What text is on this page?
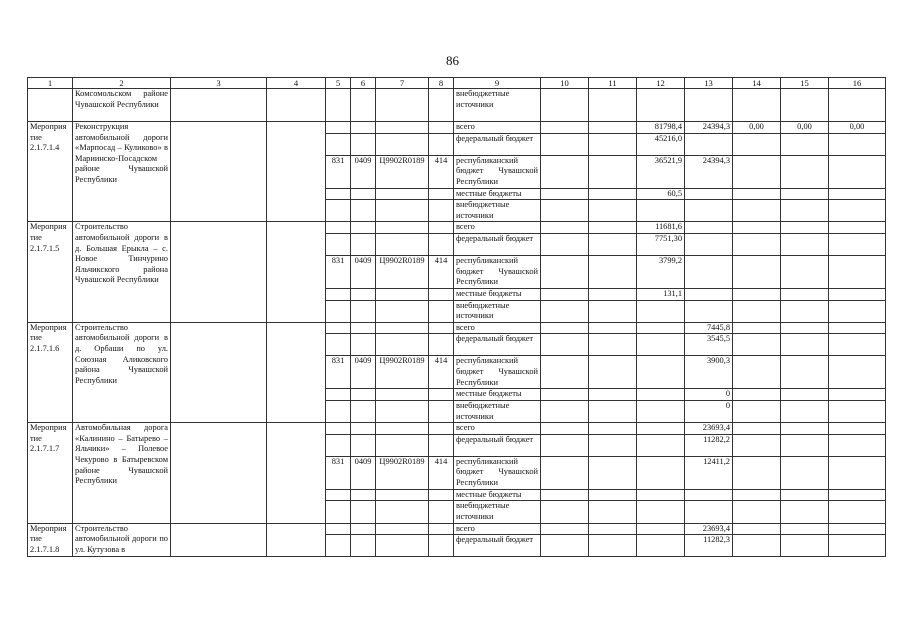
86
1	2	3	4	5	6	7	8	9	10	11	12	13	14	15	16
	Комсомольском районе Чувашской Республики							внебюджетные источники							
Мероприятие 2.1.7.1.4	Реконструкция автомобильной дороги «Марпосад – Куликово» в Мариинско-Посадском районе Чувашской Республики							всего			81798,4	24394,3	0,00	0,00	0,00
								федеральный бюджет			45216,0				
				831	0409	Ц9902R0189	414	республиканский бюджет Чувашской Республики			36521,9	24394,3			
								местные бюджеты			60,5				
								внебюджетные источники							
Мероприятие 2.1.7.1.5	Строительство автомобильной дороги в д. Большая Ерыкла – с. Новое Тинчурино Яльчикского района Чувашской Республики							всего			11681,6				
								федеральный бюджет			7751,30				
				831	0409	Ц9902R0189	414	республиканский бюджет Чувашской Республики			3799,2				
								местные бюджеты			131,1				
								внебюджетные источники							
Мероприятие 2.1.7.1.6	Строительство автомобильной дороги в д. Орбаши по ул. Союзная Аликовского района Чувашской Республики							всего				7445,8			
								федеральный бюджет				3545,5			
				831	0409	Ц9902R0189	414	республиканский бюджет Чувашской Республики				3900,3			
								местные бюджеты				0			
								внебюджетные источники				0			
Мероприятие 2.1.7.1.7	Автомобильная дорога «Калинино – Батырево – Яльчики» – Полевое Чекурово в Батыревском районе Чувашской Республики							всего				23693,4			
								федеральный бюджет				11282,2			
				831	0409	Ц9902R0189	414	республиканский бюджет Чувашской Республики				12411,2			
								местные бюджеты							
								внебюджетные источники							
Мероприятие 2.1.7.1.8	Строительство автомобильной дороги по ул. Кутузова в							всего				23693,4			
								федеральный бюджет				11282,3			
